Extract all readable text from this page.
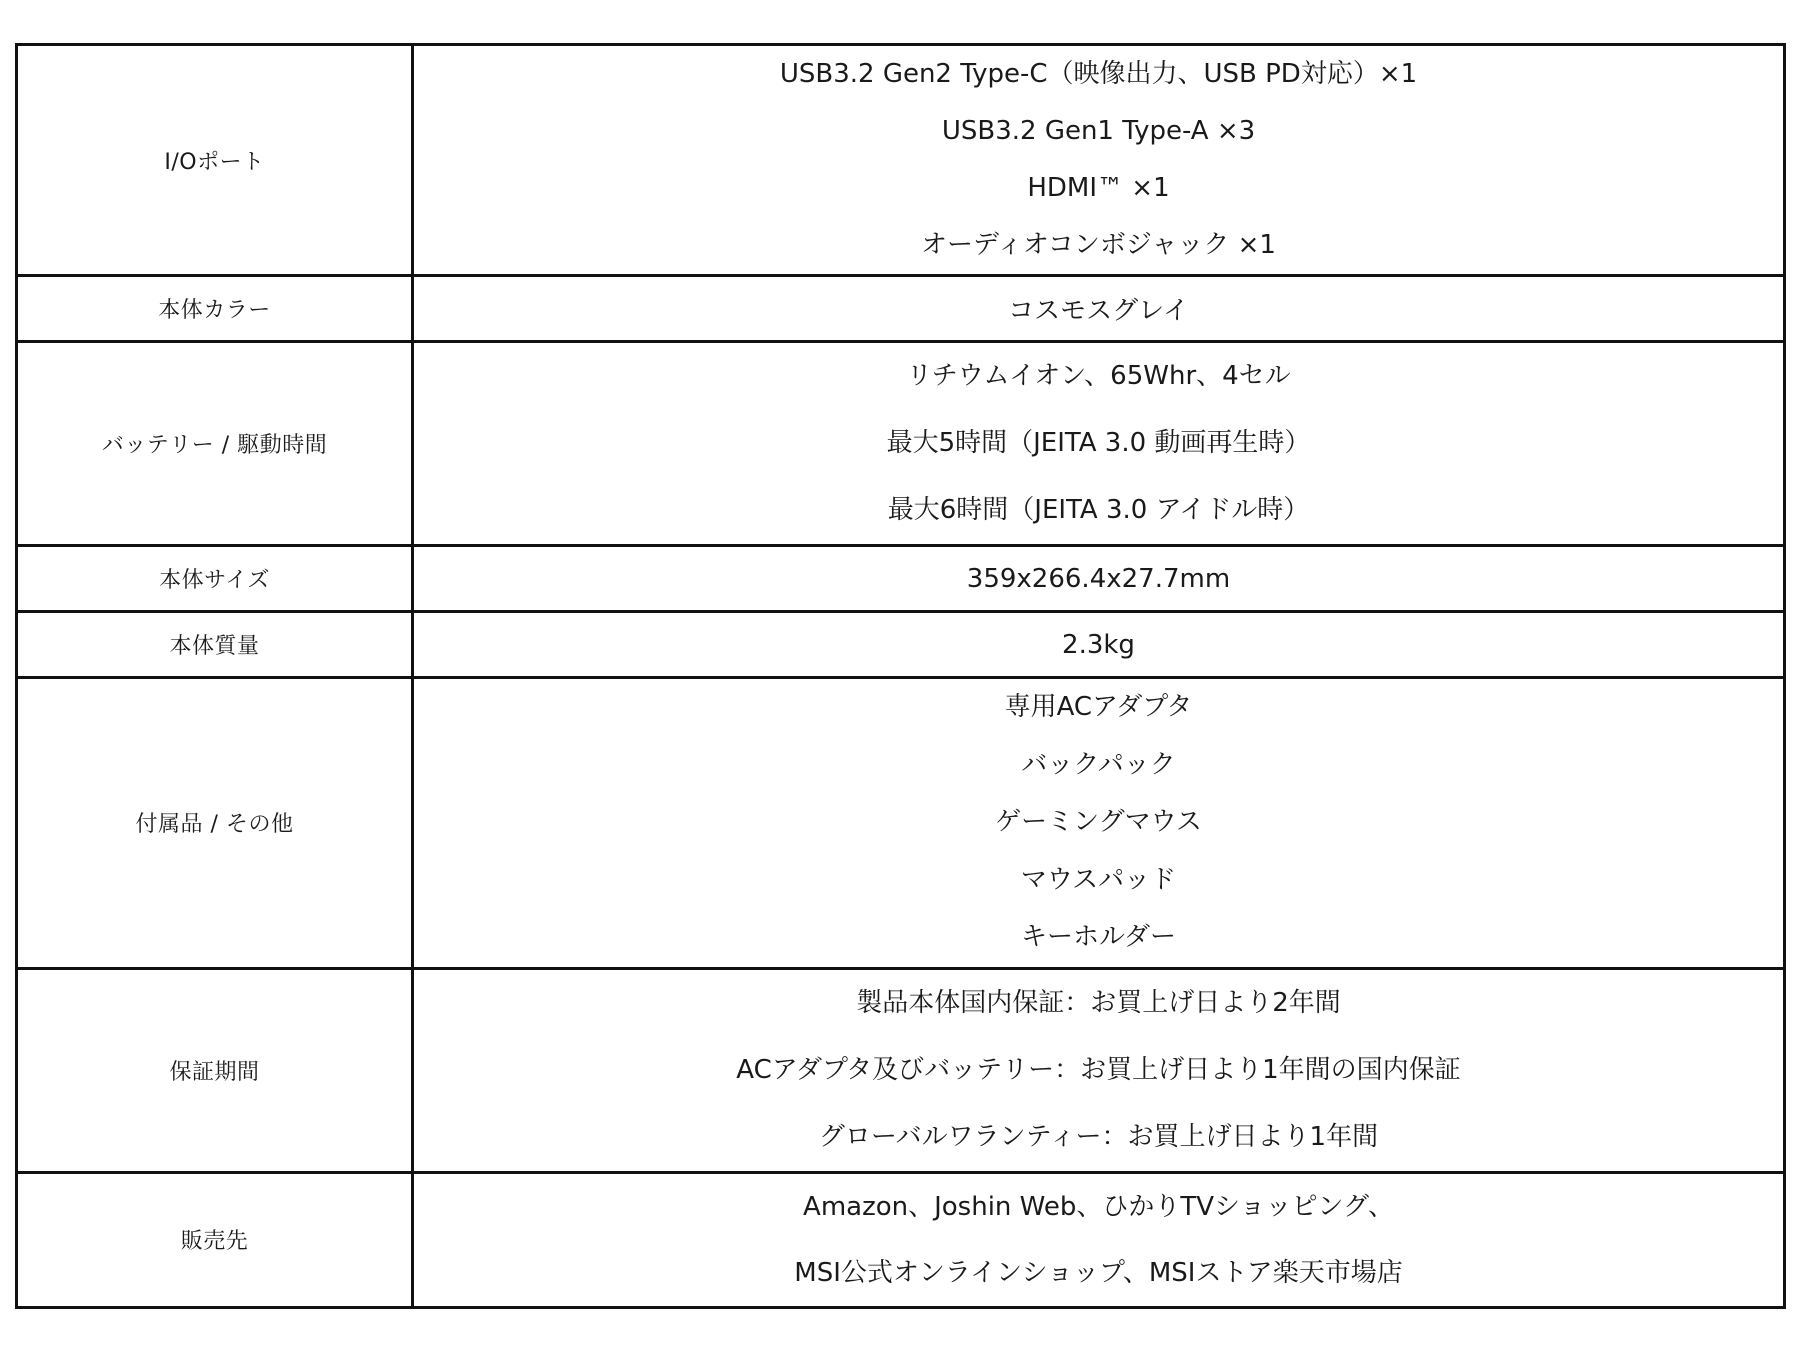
I/Oポート	USB3.2 Gen2 Type-C（映像出力、USB PD対応）×1
USB3.2 Gen1 Type-A ×3
HDMI™ ×1
オーディオコンボジャック ×1

本体カラー	コスモスグレイ

バッテリー / 駆動時間	リチウムイオン、65Whr、4セル
最大5時間（JEITA 3.0 動画再生時）
最大6時間（JEITA 3.0 アイドル時）

本体サイズ	359x266.4x27.7mm

本体質量	2.3kg

付属品 / その他	専用ACアダプタ
バックパック
ゲーミングマウス
マウスパッド
キーホルダー

保証期間	製品本体国内保証：お買上げ日より2年間
ACアダプタ及びバッテリー：お買上げ日より1年間の国内保証
グローバルワランティー：お買上げ日より1年間

販売先	Amazon、Joshin Web、ひかりTVショッピング、
MSI公式オンラインショップ、MSIストア楽天市場店
